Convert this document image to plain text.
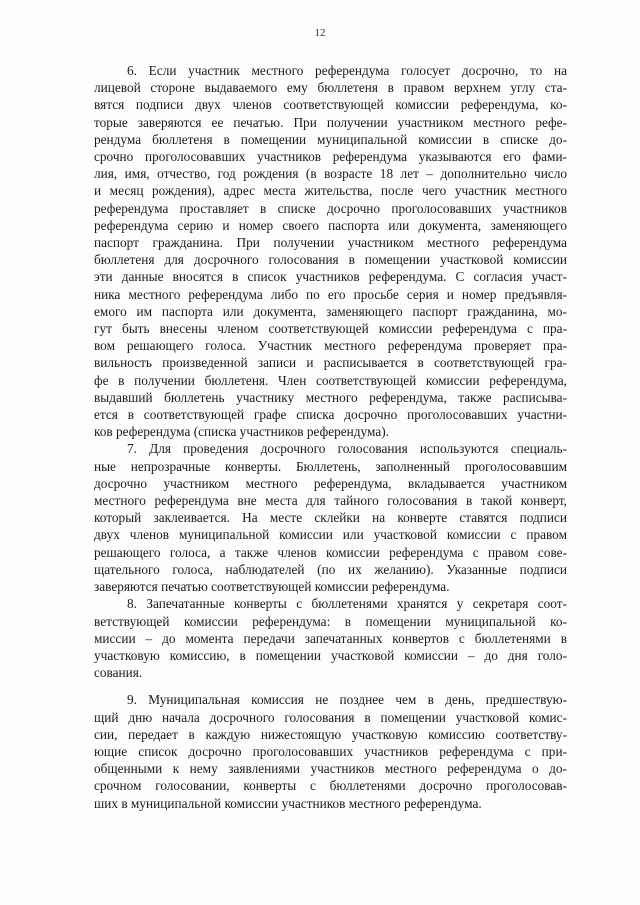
12
6. Если участник местного референдума голосует досрочно, то на
лицевой стороне выдаваемого ему бюллетеня в правом верхнем углу ста-
вятся подписи двух членов соответствующей комиссии референдума, ко-
торые заверяются ее печатью. При получении участником местного рефе-
рендума бюллетеня в помещении муниципальной комиссии в списке до-
срочно проголосовавших участников референдума указываются его фами-
лия, имя, отчество, год рождения (в возрасте 18 лет – дополнительно число
и месяц рождения), адрес места жительства, после чего участник местного
референдума проставляет в списке досрочно проголосовавших участников
референдума серию и номер своего паспорта или документа, заменяющего
паспорт гражданина. При получении участником местного референдума
бюллетеня для досрочного голосования в помещении участковой комиссии
эти данные вносятся в список участников референдума. С согласия участ-
ника местного референдума либо по его просьбе серия и номер предъявля-
емого им паспорта или документа, заменяющего паспорт гражданина, мо-
гут быть внесены членом соответствующей комиссии референдума с пра-
вом решающего голоса. Участник местного референдума проверяет пра-
вильность произведенной записи и расписывается в соответствующей гра-
фе в получении бюллетеня. Член соответствующей комиссии референдума,
выдавший бюллетень участнику местного референдума, также расписыва-
ется в соответствующей графе списка досрочно проголосовавших участни-
ков референдума (списка участников референдума).
7. Для проведения досрочного голосования используются специаль-
ные непрозрачные конверты. Бюллетень, заполненный проголосовавшим
досрочно участником местного референдума, вкладывается участником
местного референдума вне места для тайного голосования в такой конверт,
который заклеивается. На месте склейки на конверте ставятся подписи
двух членов муниципальной комиссии или участковой комиссии с правом
решающего голоса, а также членов комиссии референдума с правом сове-
щательного голоса, наблюдателей (по их желанию). Указанные подписи
заверяются печатью соответствующей комиссии референдума.
8. Запечатанные конверты с бюллетенями хранятся у секретаря соот-
ветствующей комиссии референдума: в помещении муниципальной ко-
миссии – до момента передачи запечатанных конвертов с бюллетенями в
участковую комиссию, в помещении участковой комиссии – до дня голо-
сования.
9. Муниципальная комиссия не позднее чем в день, предшествую-
щий дню начала досрочного голосования в помещении участковой комис-
сии, передает в каждую нижестоящую участковую комиссию соответству-
ющие список досрочно проголосовавших участников референдума с при-
общенными к нему заявлениями участников местного референдума о до-
срочном голосовании, конверты с бюллетенями досрочно проголосовав-
ших в муниципальной комиссии участников местного референдума.
